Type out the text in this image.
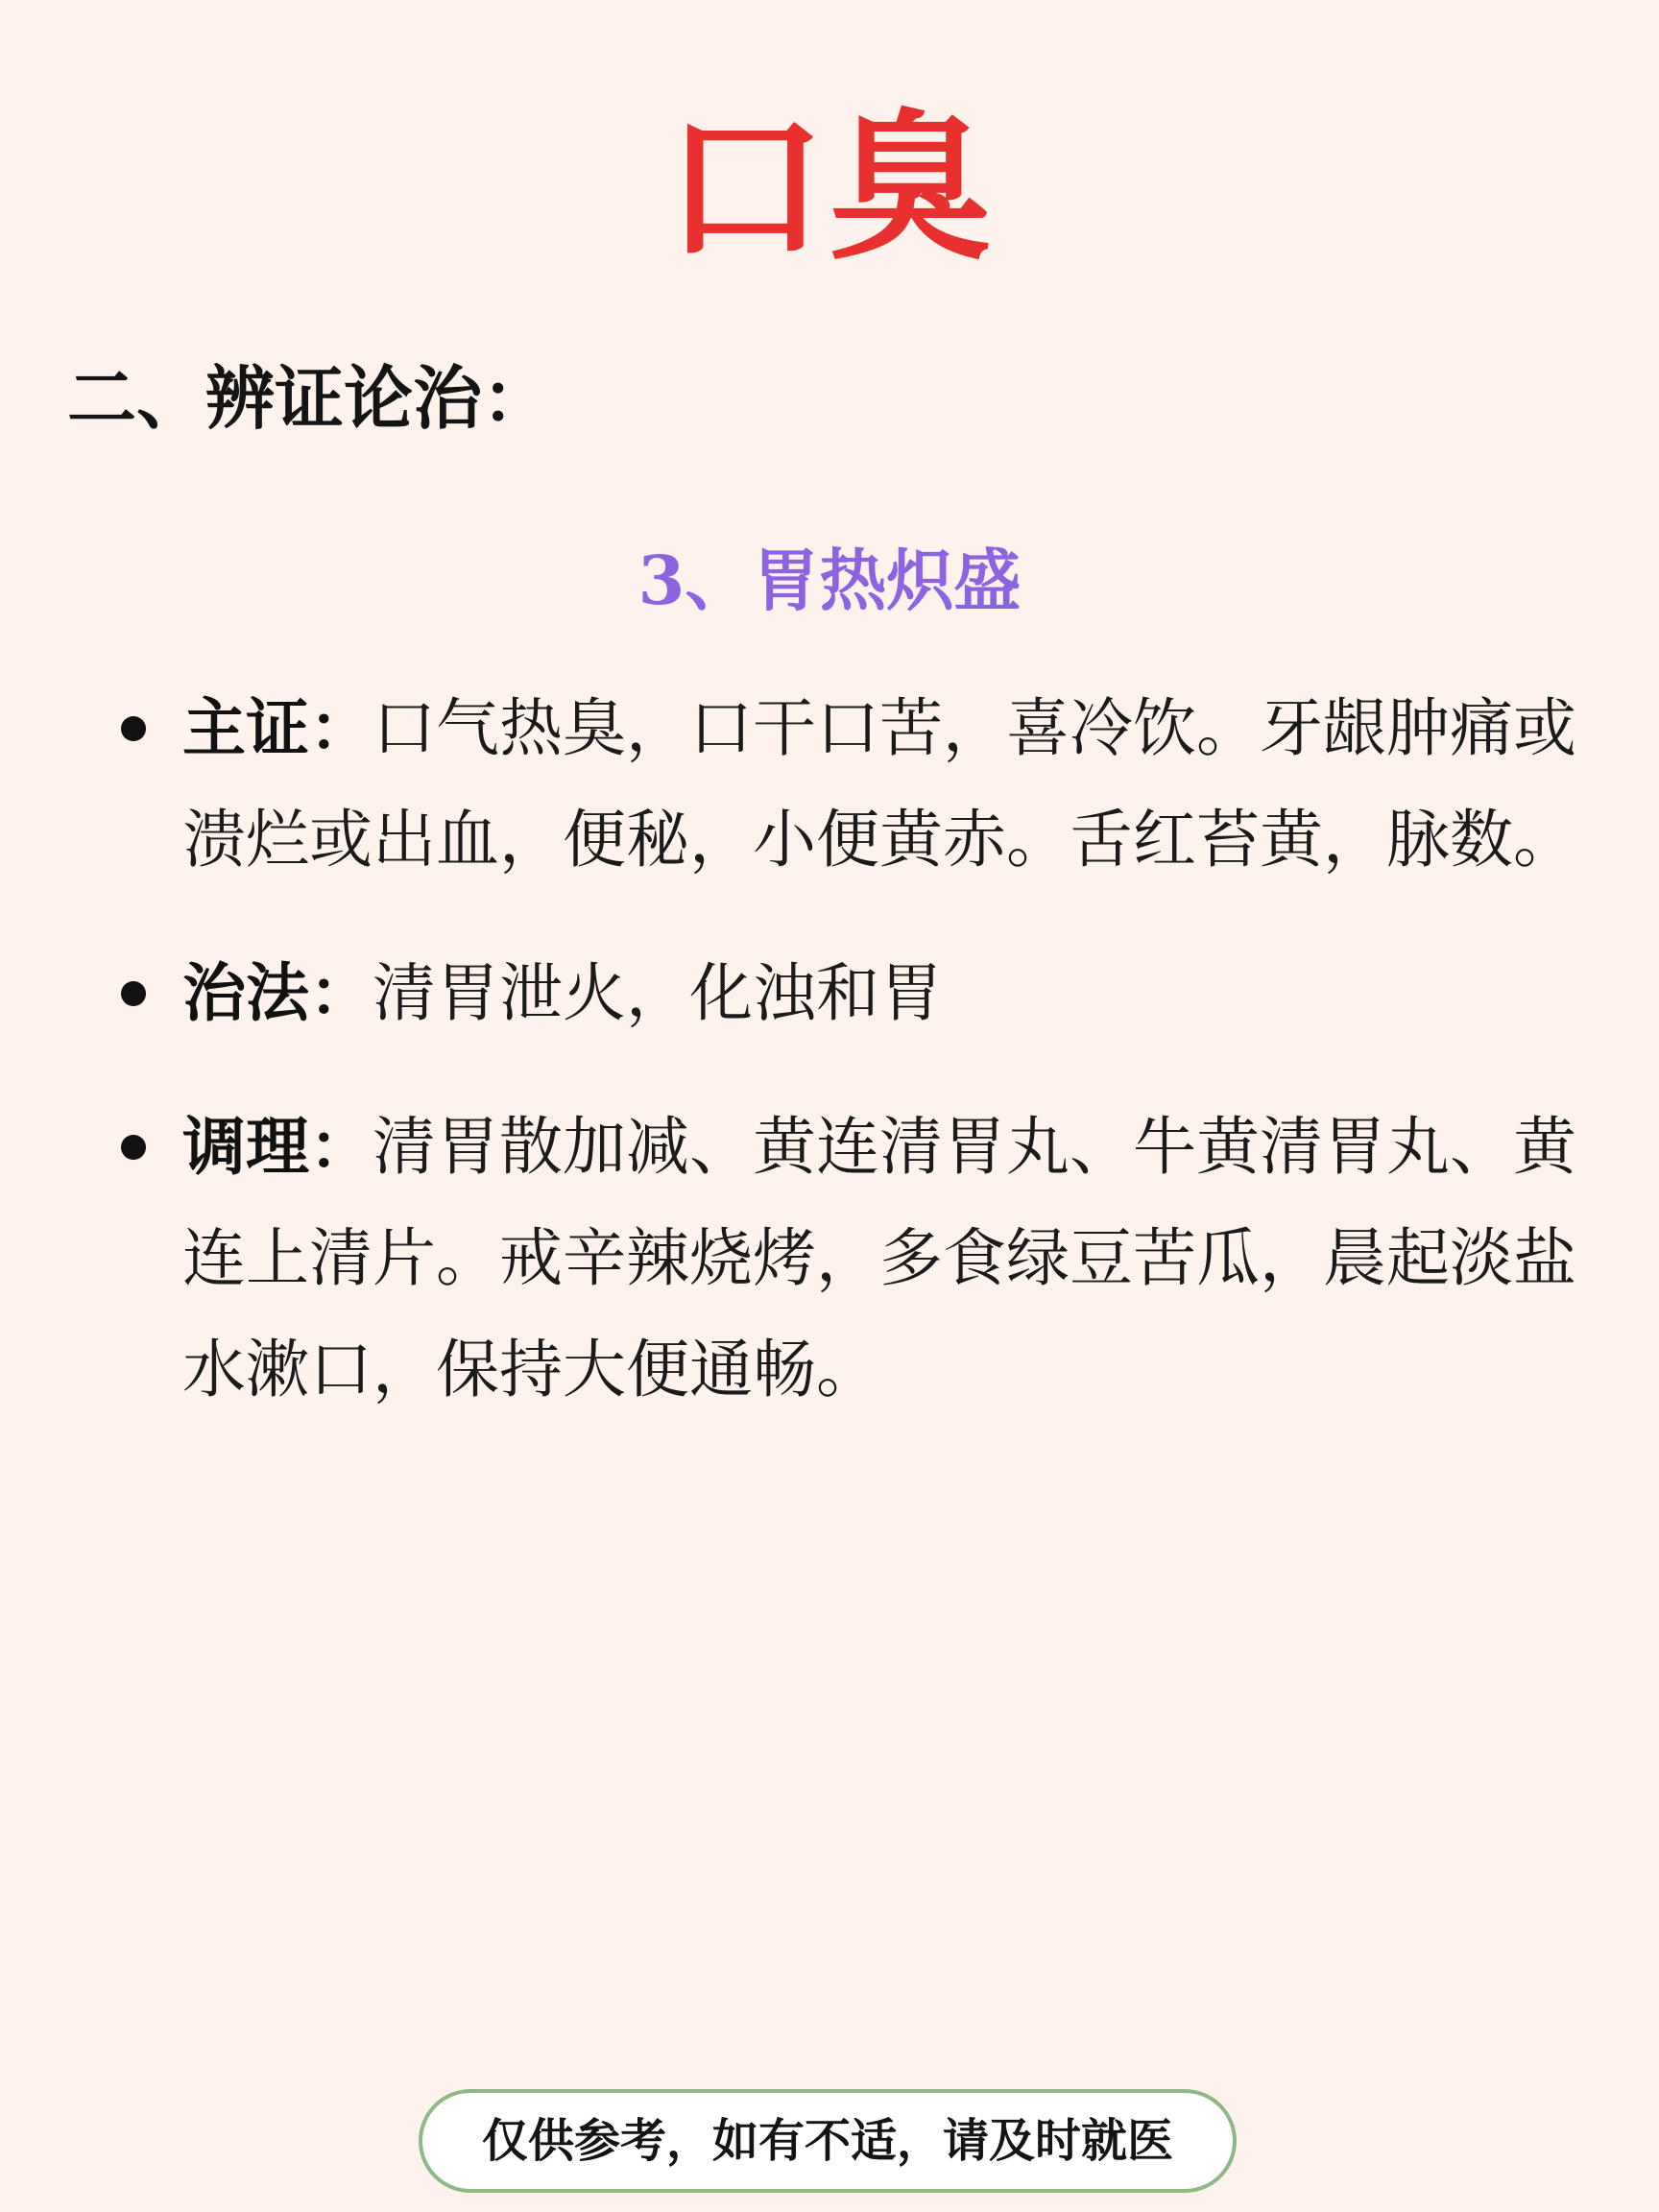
口臭
二、辨证论治：
3、胃热炽盛
主证：口气热臭，口干口苦，喜冷饮。牙龈肿痛或溃烂或出血，便秘，小便黄赤。舌红苔黄，脉数。
治法：清胃泄火，化浊和胃
调理：清胃散加减、黄连清胃丸、牛黄清胃丸、黄连上清片。戒辛辣烧烤，多食绿豆苦瓜，晨起淡盐水漱口，保持大便通畅。
仅供参考，如有不适，请及时就医
